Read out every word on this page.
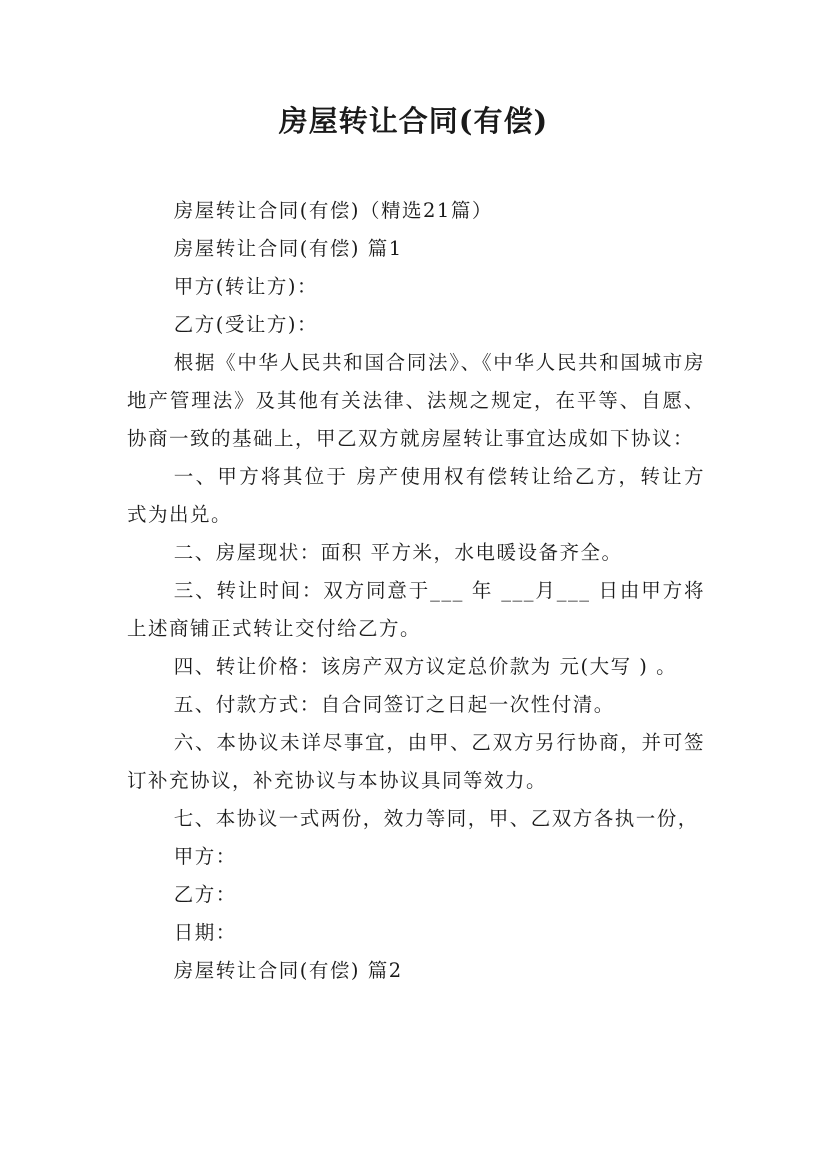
房屋转让合同(有偿)

房屋转让合同(有偿)（精选21篇）

房屋转让合同(有偿) 篇1

甲方(转让方)：

乙方(受让方)：

根据《中华人民共和国合同法》、《中华人民共和国城市房地产管理法》及其他有关法律、法规之规定，在平等、自愿、协商一致的基础上，甲乙双方就房屋转让事宜达成如下协议：

一、甲方将其位于 房产使用权有偿转让给乙方，转让方式为出兑。

二、房屋现状：面积 平方米，水电暖设备齐全。

三、转让时间：双方同意于___ 年 ___月___ 日由甲方将上述商铺正式转让交付给乙方。

四、转让价格：该房产双方议定总价款为 元(大写 ) 。

五、付款方式：自合同签订之日起一次性付清。

六、本协议未详尽事宜，由甲、乙双方另行协商，并可签订补充协议，补充协议与本协议具同等效力。

七、本协议一式两份，效力等同，甲、乙双方各执一份，

甲方：

乙方：

日期：

房屋转让合同(有偿) 篇2
